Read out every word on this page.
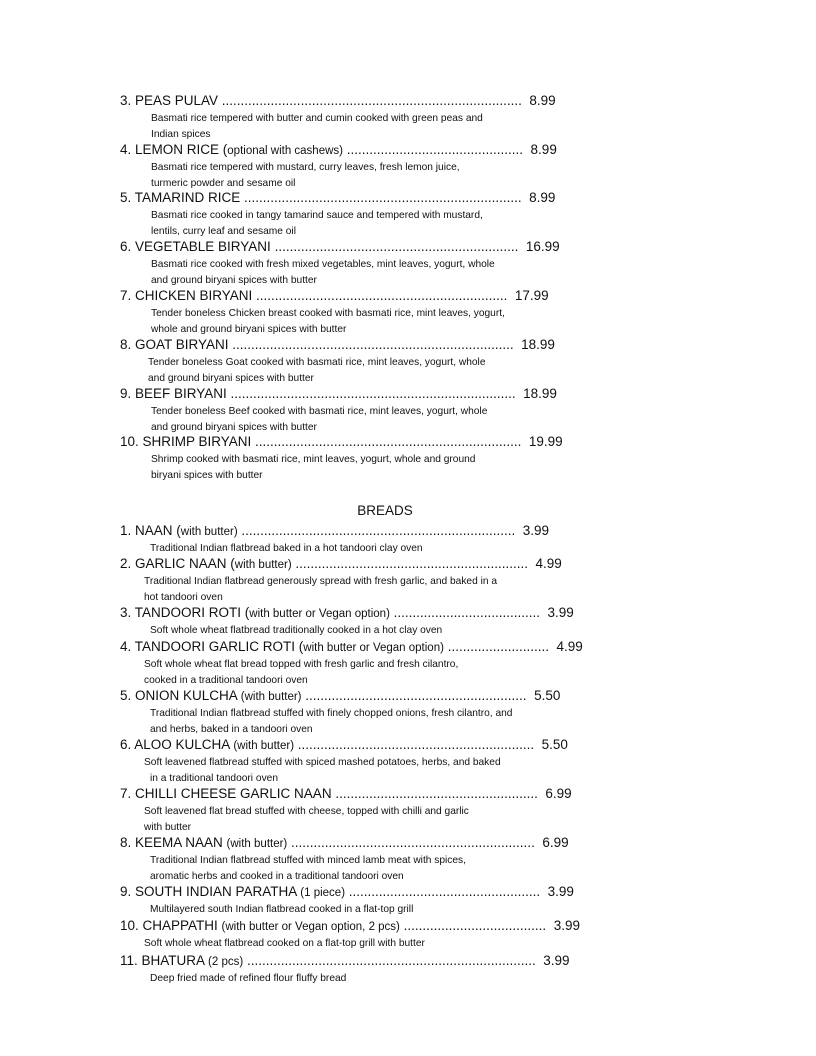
3. PEAS PULAV ................................................................................ 8.99
Basmati rice tempered with butter and cumin cooked with green peas and
Indian spices
4. LEMON RICE (optional with cashews) ............................................... 8.99
Basmati rice tempered with mustard, curry leaves, fresh lemon juice,
turmeric powder and sesame oil
5. TAMARIND RICE .......................................................................... 8.99
Basmati rice cooked in tangy tamarind sauce and tempered with mustard,
lentils, curry leaf and sesame oil
6. VEGETABLE BIRYANI ................................................................. 16.99
Basmati rice cooked with fresh mixed vegetables, mint leaves, yogurt, whole
and ground biryani spices with butter
7. CHICKEN BIRYANI ................................................................... 17.99
Tender boneless Chicken breast cooked with basmati rice, mint leaves, yogurt,
whole and ground biryani spices with butter
8. GOAT BIRYANI ........................................................................... 18.99
Tender boneless Goat cooked with basmati rice, mint leaves, yogurt, whole
and ground biryani spices with butter
9. BEEF BIRYANI ............................................................................ 18.99
Tender boneless Beef cooked with basmati rice, mint leaves, yogurt, whole
and ground biryani spices with butter
10. SHRIMP BIRYANI ....................................................................... 19.99
Shrimp cooked with basmati rice, mint leaves, yogurt, whole and ground
biryani spices with butter
BREADS
1. NAAN (with butter) ......................................................................... 3.99
Traditional Indian flatbread baked in a hot tandoori clay oven
2. GARLIC NAAN (with butter) .............................................................. 4.99
Traditional Indian flatbread generously spread with fresh garlic, and baked in a
hot tandoori oven
3. TANDOORI ROTI (with butter or Vegan option) ....................................... 3.99
Soft whole wheat flatbread traditionally cooked in a hot clay oven
4. TANDOORI GARLIC ROTI (with butter or Vegan option) ........................... 4.99
Soft whole wheat flat bread topped with fresh garlic and fresh cilantro,
cooked in a traditional tandoori oven
5. ONION KULCHA (with butter) ........................................................... 5.50
Traditional Indian flatbread stuffed with finely chopped onions, fresh cilantro, and
and herbs, baked in a tandoori oven
6. ALOO KULCHA (with butter) ............................................................... 5.50
Soft leavened flatbread stuffed with spiced mashed potatoes, herbs, and baked
in a traditional tandoori oven
7. CHILLI CHEESE GARLIC NAAN ...................................................... 6.99
Soft leavened flat bread stuffed with cheese, topped with chilli and garlic
with butter
8. KEEMA NAAN (with butter) ................................................................. 6.99
Traditional Indian flatbread stuffed with minced lamb meat with spices,
aromatic herbs and cooked in a traditional tandoori oven
9. SOUTH INDIAN PARATHA (1 piece) ................................................... 3.99
Multilayered south Indian flatbread cooked in a flat-top grill
10. CHAPPATHI (with butter or Vegan option, 2 pcs) ...................................... 3.99
Soft whole wheat flatbread cooked on a flat-top grill with butter
11. BHATURA (2 pcs) ............................................................................. 3.99
Deep fried made of refined flour fluffy bread
